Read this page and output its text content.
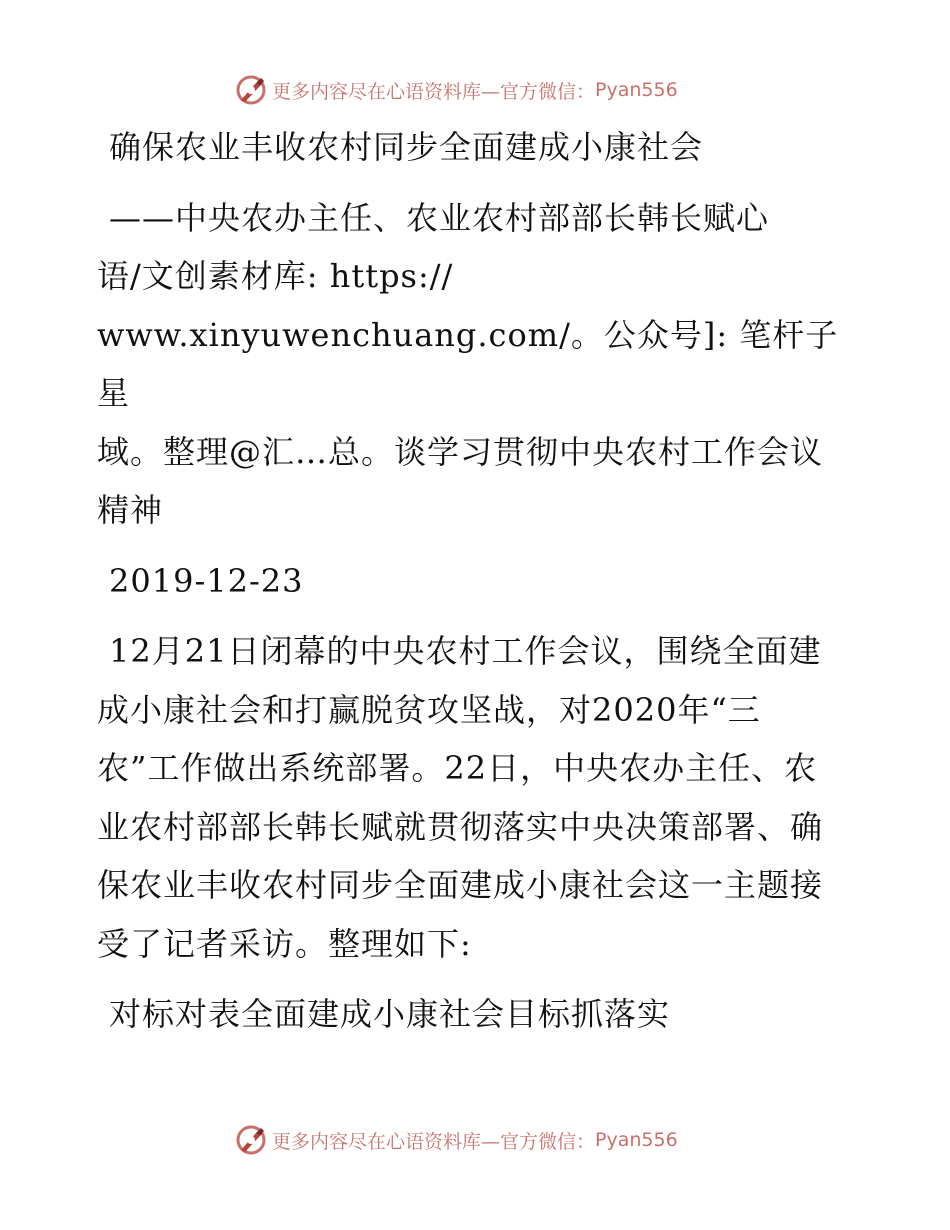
更多内容尽在心语资料库—官方微信： Pyan556

确保农业丰收农村同步全面建成小康社会

——中央农办主任、农业农村部部长韩长赋心

语/文创素材库: https://

www.xinyuwenchuang.com/。公众号]: 笔杆子星

域。整理@汇…总。谈学习贯彻中央农村工作会议

精神

2019-12-23

12月21日闭幕的中央农村工作会议，围绕全面建

成小康社会和打赢脱贫攻坚战，对2020年“三

农”工作做出系统部署。22日，中央农办主任、农

业农村部部长韩长赋就贯彻落实中央决策部署、确

保农业丰收农村同步全面建成小康社会这一主题接

受了记者采访。整理如下:

对标对表全面建成小康社会目标抓落实

更多内容尽在心语资料库—官方微信： Pyan556
